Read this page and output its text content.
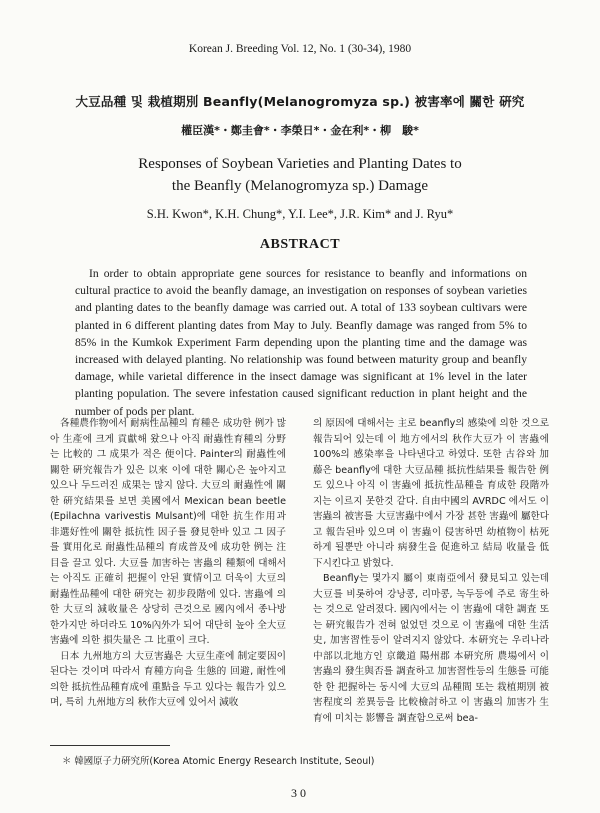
Korean J. Breeding Vol. 12, No. 1 (30-34), 1980
大豆品種 및 栽植期別 Beanfly(Melanogromyza sp.) 被害率에 關한 硏究
權臣漢*・鄭圭會*・李榮日*・金在利*・柳　駿*
Responses of Soybean Varieties and Planting Dates to
the Beanfly (Melanogromyza sp.) Damage
S.H. Kwon*, K.H. Chung*, Y.I. Lee*, J.R. Kim* and J. Ryu*
ABSTRACT

In order to obtain appropriate gene sources for resistance to beanfly and informations on cultural practice to avoid the beanfly damage, an investigation on responses of soybean varieties and planting dates to the beanfly damage was carried out. A total of 133 soybean cultivars were planted in 6 different planting dates from May to July. Beanfly damage was ranged from 5% to 85% in the Kumkok Experiment Farm depending upon the planting time and the damage was increased with delayed planting. No relationship was found between maturity group and beanfly damage, while varietal difference in the insect damage was significant at 1% level in the later planting population. The severe infestation caused significant reduction in plant height and the number of pods per plant.

各種農作物에서 耐病性品種의 育種은 成功한 例가 많아 生產에 크게 貢獻해 왔으나 아직 耐蟲性育種의 分野는 比較的 그 成果가 적은 便이다. Painter의 耐蟲性에 關한 硏究報告가 있은 以來 이에 대한 關心은 높아지고 있으나 두드러진 成果는 많지 않다. 大豆의 耐蟲性에 關한 硏究結果를 보면 美國에서 Mexican bean beetle (Epilachna varivestis Mulsant)에 대한 抗生作用과 非選好性에 關한 抵抗性 因子를 發見한바 있고 그 因子를 實用化로 耐蟲性品種의 育成普及에 成功한 例는 注目을 끌고 있다. 大豆를 加害하는 害蟲의 種類에 대해서는 아직도 正確히 把握이 안된 實情이고 더욱이 大豆의 耐蟲性品種에 대한 硏究는 初步段階에 있다. 害蟲에 의한 大豆의 減收量은 상당히 큰것으로 國內에서 종나방 한가지만 하더라도 10%內外가 되어 대단히 높아 全大豆害蟲에 의한 損失量은 그 比重이 크다.

日本 九州地方의 大豆害蟲은 大豆生產에 制定要因이 된다는 것이며 따라서 育種方向을 生態的 回避, 耐性에 의한 抵抗性品種育成에 重點을 두고 있다는 報告가 있으며, 특히 九州地方의 秋作大豆에 있어서 減收

의 原因에 대해서는 主로 beanfly의 感染에 의한 것으로 報告되어 있는데 이 地方에서의 秋作大豆가 이 害蟲에 100%의 感染率을 나타낸다고 하였다. 또한 古谷와 加藤은 beanfly에 대한 大豆品種 抵抗性結果를 報告한 例도 있으나 아직 이 害蟲에 抵抗性品種을 育成한 段階까지는 이르지 못한것 같다. 自由中國의 AVRDC 에서도 이 害蟲의 被害를 大豆害蟲中에서 가장 甚한 害蟲에 屬한다고 報告된바 있으며 이 害蟲이 侵害하면 幼植物이 枯死하게 될뿐만 아니라 病發生을 促進하고 結局 收量을 低下시킨다고 밝혔다.

Beanfly는 몇가지 屬이 東南亞에서 發見되고 있는데 大豆를 비롯하여 강낭콩, 리마콩, 녹두등에 주로 寄生하는 것으로 알려졌다. 國內에서는 이 害蟲에 대한 調査 또는 硏究報告가 전혀 없었던 것으로 이 害蟲에 대한 生活史, 加害習性등이 알려지지 않았다. 本硏究는 우리나라 中部以北地方인 京畿道 陽州郡 本硏究所 農場에서 이 害蟲의 發生與否를 調査하고 加害習性등의 生態를 可能한 한 把握하는 동시에 大豆의 品種間 또는 栽植期別 被害程度의 差異등을 比較檢討하고 이 害蟲의 加害가 生育에 미치는 影響을 調査함으로써 bea-

＊ 韓國原子力硏究所(Korea Atomic Energy Research Institute, Seoul)
30
